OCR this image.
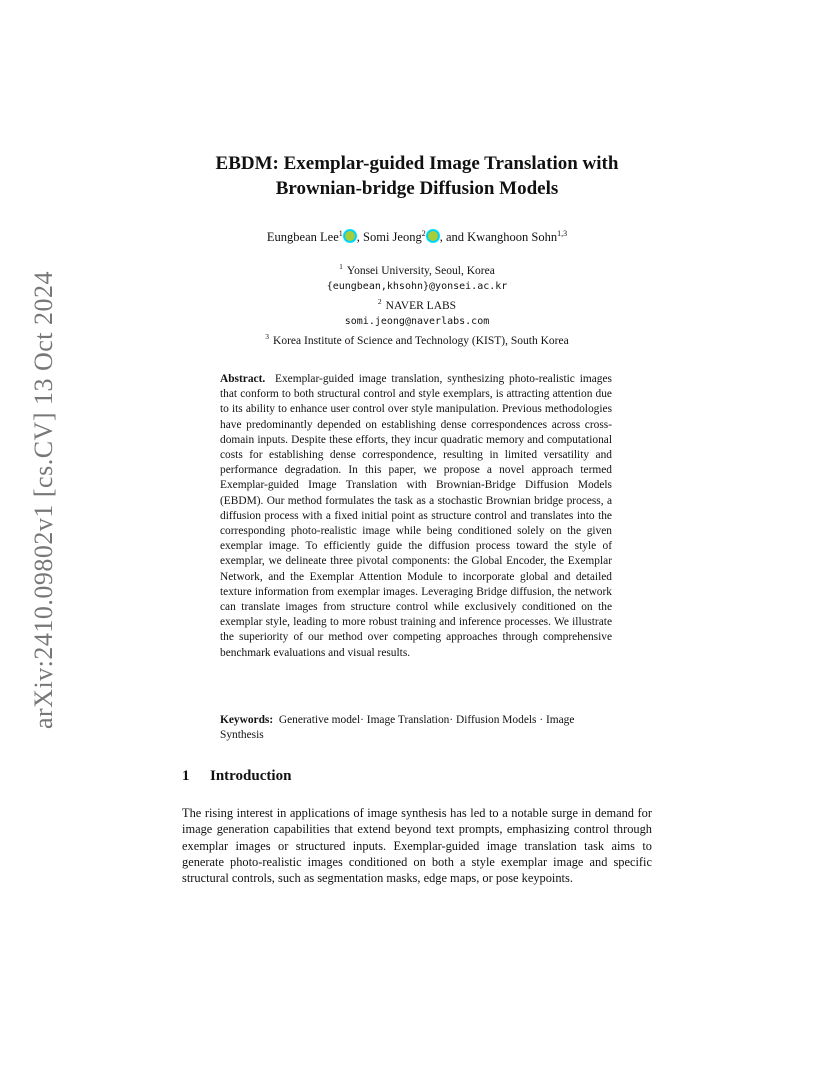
arXiv:2410.09802v1 [cs.CV] 13 Oct 2024
EBDM: Exemplar-guided Image Translation with
Brownian-bridge Diffusion Models
Eungbean Lee$^1$ , Somi Jeong$^2$ , and Kwanghoon Sohn$^{1,3}$
$^1$ Yonsei University, Seoul, Korea
{eungbean,khsohn}@yonsei.ac.kr
$^2$ NAVER LABS
somi.jeong@naverlabs.com
$^3$ Korea Institute of Science and Technology (KIST), South Korea

Abstract. Exemplar-guided image translation, synthesizing photo-realistic images that conform to both structural control and style exemplars, is attracting attention due to its ability to enhance user control over style manipulation. Previous methodologies have predominantly depended on establishing dense correspondences across cross-domain inputs. Despite these efforts, they incur quadratic memory and computational costs for establishing dense correspondence, resulting in limited versatility and performance degradation. In this paper, we propose a novel approach termed Exemplar-guided Image Translation with Brownian-Bridge Diffusion Models (EBDM). Our method formulates the task as a stochastic Brownian bridge process, a diffusion process with a fixed initial point as structure control and translates into the corresponding photo-realistic image while being conditioned solely on the given exemplar image. To efficiently guide the diffusion process toward the style of exemplar, we delineate three pivotal components: the Global Encoder, the Exemplar Network, and the Exemplar Attention Module to incorporate global and detailed texture information from exemplar images. Leveraging Bridge diffusion, the network can translate images from structure control while exclusively conditioned on the exemplar style, leading to more robust training and inference processes. We illustrate the superiority of our method over competing approaches through comprehensive benchmark evaluations and visual results.

Keywords: Generative model· Image Translation· Diffusion Models · Image Synthesis

1 Introduction

The rising interest in applications of image synthesis has led to a notable surge in demand for image generation capabilities that extend beyond text prompts, emphasizing control through exemplar images or structured inputs. Exemplar-guided image translation task aims to generate photo-realistic images conditioned on both a style exemplar image and specific structural controls, such as segmentation masks, edge maps, or pose keypoints.
